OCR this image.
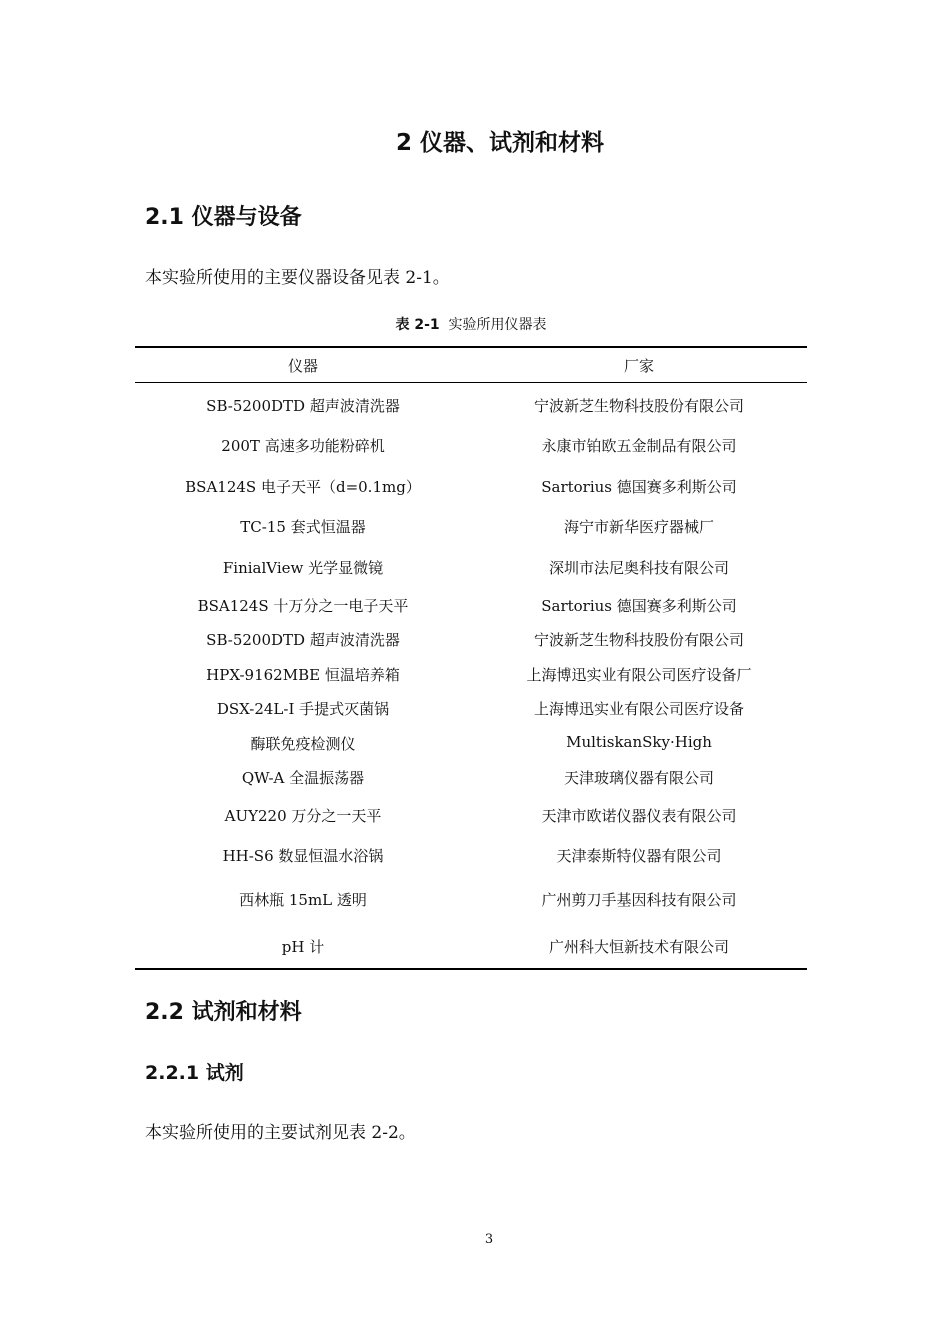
2 仪器、试剂和材料
2.1 仪器与设备
本实验所使用的主要仪器设备见表 2-1。
表 2-1 实验所用仪器表
仪器	厂家
SB-5200DTD 超声波清洗器	宁波新芝生物科技股份有限公司
200T 高速多功能粉碎机	永康市铂欧五金制品有限公司
BSA124S 电子天平（d=0.1mg）	Sartorius 德国赛多利斯公司
TC-15 套式恒温器	海宁市新华医疗器械厂
FinialView 光学显微镜	深圳市法尼奥科技有限公司
BSA124S 十万分之一电子天平	Sartorius 德国赛多利斯公司
SB-5200DTD 超声波清洗器	宁波新芝生物科技股份有限公司
HPX-9162MBE 恒温培养箱	上海博迅实业有限公司医疗设备厂
DSX-24L-I 手提式灭菌锅	上海博迅实业有限公司医疗设备
酶联免疫检测仪	MultiskanSky·High
QW-A 全温振荡器	天津玻璃仪器有限公司
AUY220 万分之一天平	天津市欧诺仪器仪表有限公司
HH-S6 数显恒温水浴锅	天津泰斯特仪器有限公司
西林瓶 15mL 透明	广州剪刀手基因科技有限公司
pH 计	广州科大恒新技术有限公司
2.2 试剂和材料
2.2.1 试剂
本实验所使用的主要试剂见表 2-2。
3
